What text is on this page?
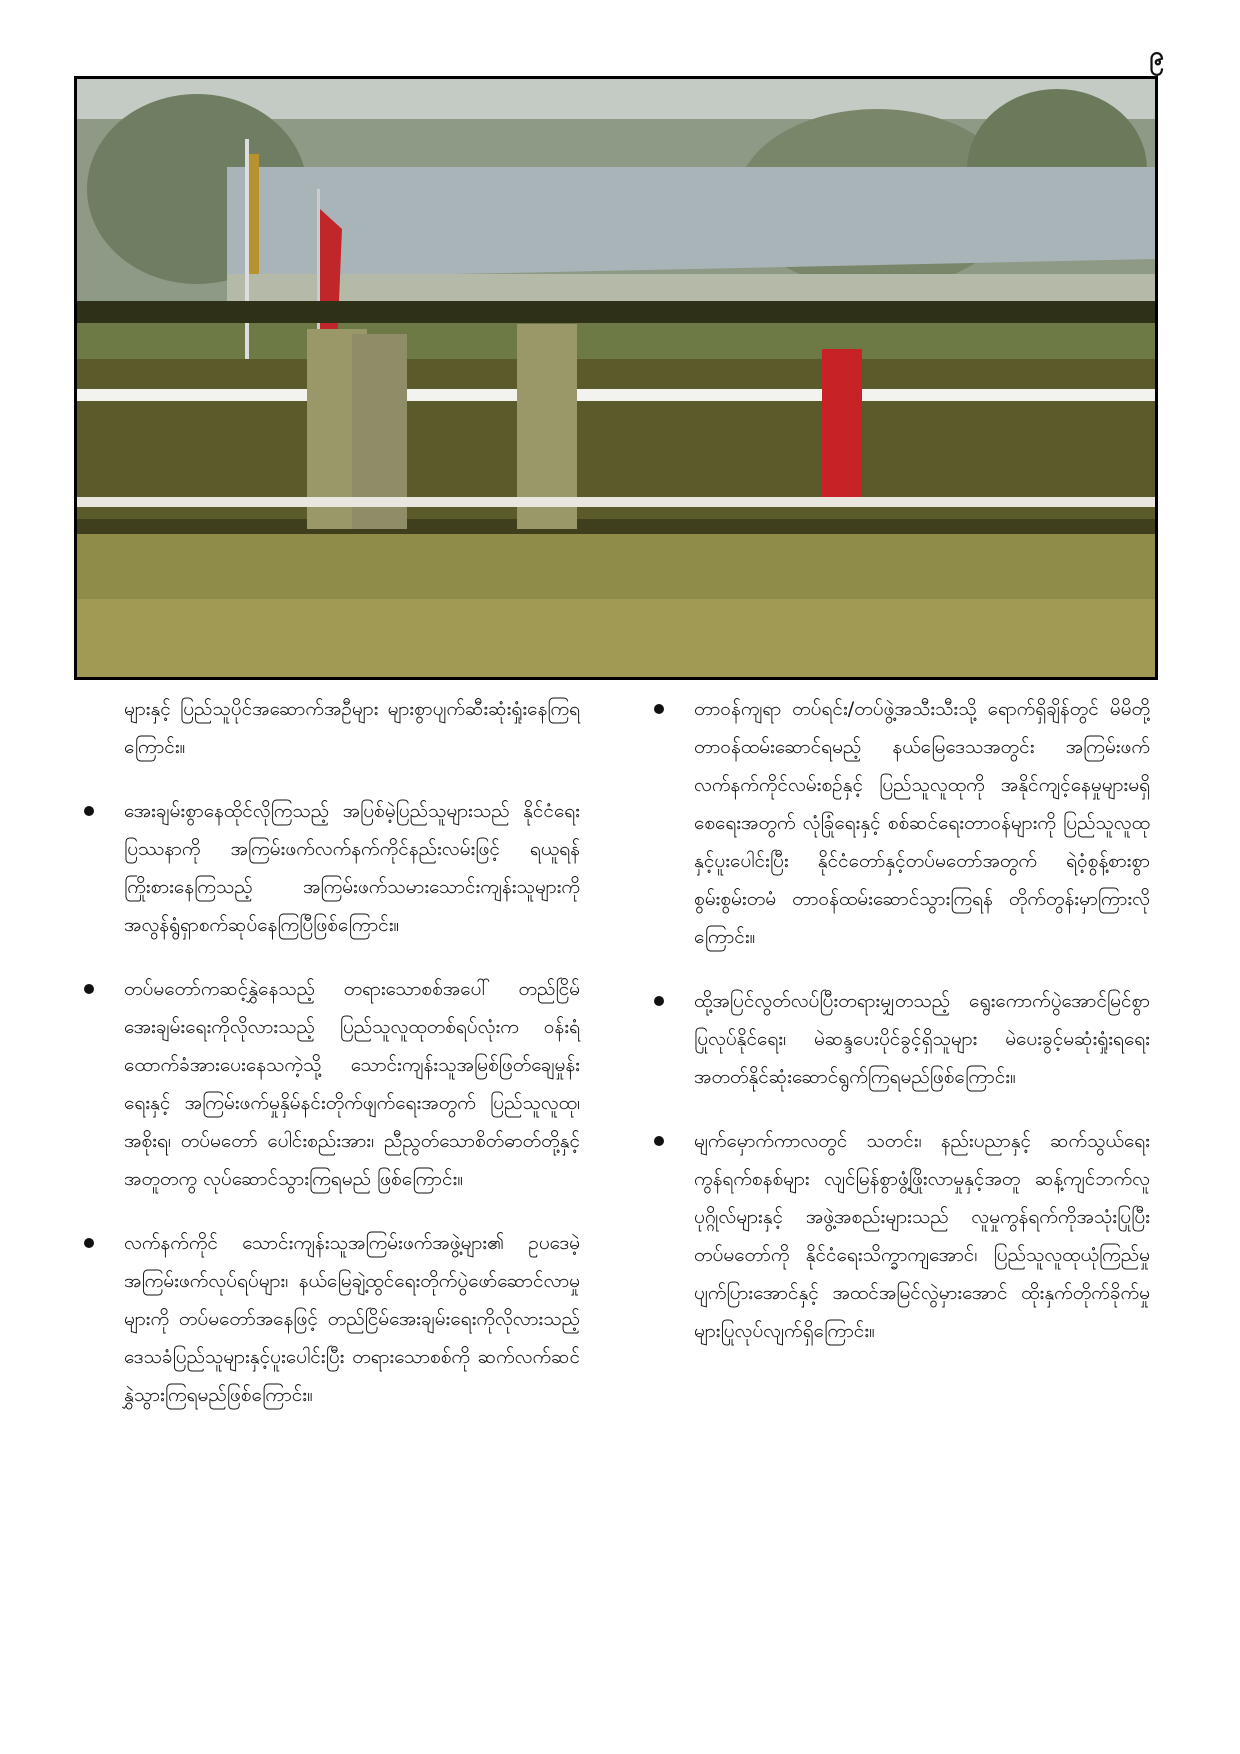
၉

များနှင့် ပြည်သူပိုင်အဆောက်အဦများ များစွာပျက်ဆီးဆုံးရှုံးနေကြရကြောင်း။

အေးချမ်းစွာနေထိုင်လိုကြသည့် အပြစ်မဲ့ပြည်သူများသည် နိုင်ငံရေးပြဿနာကို အကြမ်းဖက်လက်နက်ကိုင်နည်းလမ်းဖြင့် ရယူရန်ကြိုးစားနေကြသည့် အကြမ်းဖက်သမားသောင်းကျန်းသူများကို အလွန်ရွံရှာစက်ဆုပ်နေကြပြီဖြစ်ကြောင်း။
တပ်မတော်ကဆင့်နွှဲနေသည့် တရားသောစစ်အပေါ် တည်ငြိမ်အေးချမ်းရေးကိုလိုလားသည့် ပြည်သူလူထုတစ်ရပ်လုံးက ဝန်းရံထောက်ခံအားပေးနေသကဲ့သို့ သောင်းကျန်းသူအမြစ်ဖြတ်ချေမှုန်းရေးနှင့် အကြမ်းဖက်မှုနှိမ်နင်းတိုက်ဖျက်ရေးအတွက် ပြည်သူလူထု၊ အစိုးရ၊ တပ်မတော် ပေါင်းစည်းအား၊ ညီညွတ်သောစိတ်ဓာတ်တို့နှင့်အတူတကွ လုပ်ဆောင်သွားကြရမည် ဖြစ်ကြောင်း။
လက်နက်ကိုင် သောင်းကျန်းသူအကြမ်းဖက်အဖွဲ့များ၏ ဥပဒေမဲ့အကြမ်းဖက်လုပ်ရပ်များ၊ နယ်မြေချဲ့ထွင်ရေးတိုက်ပွဲဖော်ဆောင်လာမှုများကို တပ်မတော်အနေဖြင့် တည်ငြိမ်အေးချမ်းရေးကိုလိုလားသည့် ဒေသခံပြည်သူများနှင့်ပူးပေါင်းပြီး တရားသောစစ်ကို ဆက်လက်ဆင်နွှဲသွားကြရမည်ဖြစ်ကြောင်း။
တာဝန်ကျရာ တပ်ရင်း/တပ်ဖွဲ့အသီးသီးသို့ ရောက်ရှိချိန်တွင် မိမိတို့တာဝန်ထမ်းဆောင်ရမည့် နယ်မြေဒေသအတွင်း အကြမ်းဖက်လက်နက်ကိုင်လမ်းစဉ်နှင့် ပြည်သူလူထုကို အနိုင်ကျင့်နေမှုများမရှိစေရေးအတွက် လုံခြုံရေးနှင့် စစ်ဆင်ရေးတာဝန်များကို ပြည်သူလူထုနှင့်ပူးပေါင်းပြီး နိုင်ငံတော်နှင့်တပ်မတော်အတွက် ရဲဝံ့စွန့်စားစွာ စွမ်းစွမ်းတမံ တာဝန်ထမ်းဆောင်သွားကြရန် တိုက်တွန်းမှာကြားလိုကြောင်း။
ထို့အပြင်လွတ်လပ်ပြီးတရားမျှတသည့် ရွေးကောက်ပွဲအောင်မြင်စွာပြုလုပ်နိုင်ရေး၊ မဲဆန္ဒပေးပိုင်ခွင့်ရှိသူများ မဲပေးခွင့်မဆုံးရှုံးရရေး အတတ်နိုင်ဆုံးဆောင်ရွက်ကြရမည်ဖြစ်ကြောင်း။
မျက်မှောက်ကာလတွင် သတင်း၊ နည်းပညာနှင့် ဆက်သွယ်ရေးကွန်ရက်စနစ်များ လျင်မြန်စွာဖွံ့ဖြိုးလာမှုနှင့်အတူ ဆန့်ကျင်ဘက်လူပုဂ္ဂိုလ်များနှင့် အဖွဲ့အစည်းများသည် လူမှုကွန်ရက်ကိုအသုံးပြုပြီး တပ်မတော်ကို နိုင်ငံရေးသိက္ခာကျအောင်၊ ပြည်သူလူထုယုံကြည်မှု ပျက်ပြားအောင်နှင့် အထင်အမြင်လွဲမှားအောင် ထိုးနှက်တိုက်ခိုက်မှုများပြုလုပ်လျက်ရှိကြောင်း။
